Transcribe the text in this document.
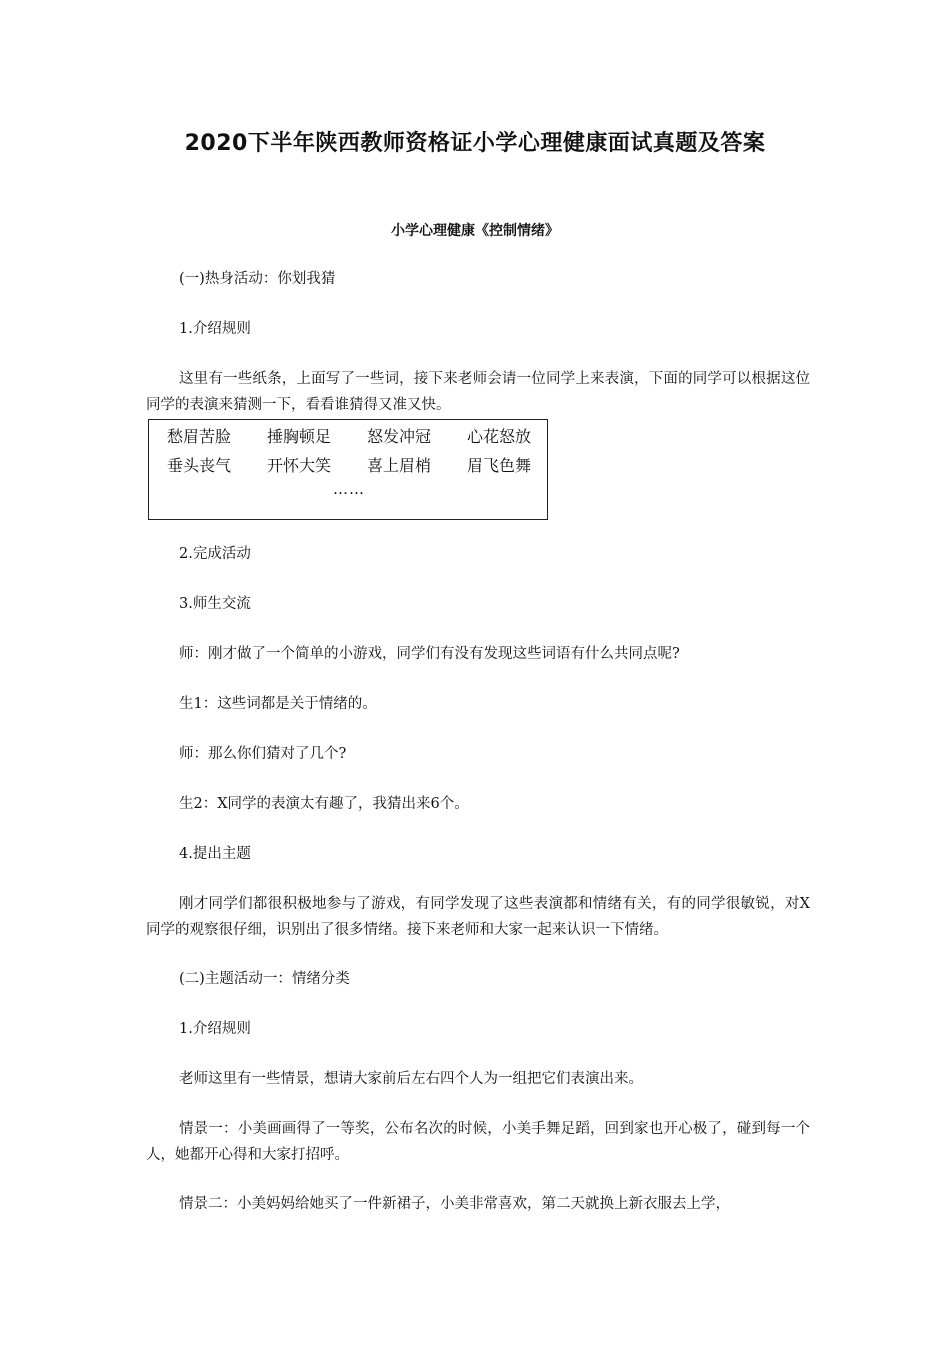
2020下半年陕西教师资格证小学心理健康面试真题及答案
小学心理健康《控制情绪》
(一)热身活动：你划我猜
1.介绍规则
这里有一些纸条，上面写了一些词，接下来老师会请一位同学上来表演，下面的同学可以根据这位同学的表演来猜测一下，看看谁猜得又准又快。
愁眉苦脸	捶胸顿足	怒发冲冠	心花怒放
垂头丧气	开怀大笑	喜上眉梢	眉飞色舞
……
2.完成活动
3.师生交流
师：刚才做了一个简单的小游戏，同学们有没有发现这些词语有什么共同点呢?
生1：这些词都是关于情绪的。
师：那么你们猜对了几个?
生2：X同学的表演太有趣了，我猜出来6个。
4.提出主题
刚才同学们都很积极地参与了游戏，有同学发现了这些表演都和情绪有关，有的同学很敏锐，对X同学的观察很仔细，识别出了很多情绪。接下来老师和大家一起来认识一下情绪。
(二)主题活动一：情绪分类
1.介绍规则
老师这里有一些情景，想请大家前后左右四个人为一组把它们表演出来。
情景一：小美画画得了一等奖，公布名次的时候，小美手舞足蹈，回到家也开心极了，碰到每一个人，她都开心得和大家打招呼。
情景二：小美妈妈给她买了一件新裙子，小美非常喜欢，第二天就换上新衣服去上学，
